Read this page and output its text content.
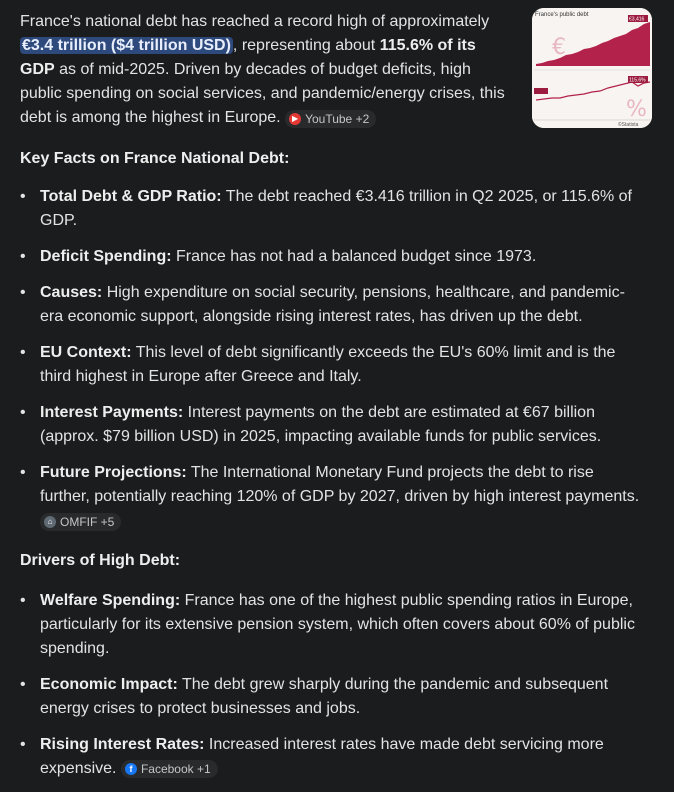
France's national debt has reached a record high of approximately €3.4 trillion ($4 trillion USD) , representing about 115.6% of its GDP as of mid-2025. Driven by decades of budget deficits, high public spending on social services, and pandemic/energy crises, this debt is among the highest in Europe.	▶ YouTube +2
France's public debt
€
€3,416
115.6%
%
©Statista
Key Facts on France National Debt:
• Total Debt & GDP Ratio: The debt reached €3.416 trillion in Q2 2025, or 115.6% of GDP.
• Deficit Spending: France has not had a balanced budget since 1973.
• Causes: High expenditure on social security, pensions, healthcare, and pandemic-era economic support, alongside rising interest rates, has driven up the debt.
• EU Context: This level of debt significantly exceeds the EU's 60% limit and is the third highest in Europe after Greece and Italy.
• Interest Payments: Interest payments on the debt are estimated at €67 billion (approx. $79 billion USD) in 2025, impacting available funds for public services.
• Future Projections: The International Monetary Fund projects the debt to rise further, potentially reaching 120% of GDP by 2027, driven by high interest payments.
⌂ OMFIF +5
Drivers of High Debt:
• Welfare Spending: France has one of the highest public spending ratios in Europe, particularly for its extensive pension system, which often covers about 60% of public spending.
• Economic Impact: The debt grew sharply during the pandemic and subsequent energy crises to protect businesses and jobs.
• Rising Interest Rates: Increased interest rates have made debt servicing more expensive.	f Facebook +1
